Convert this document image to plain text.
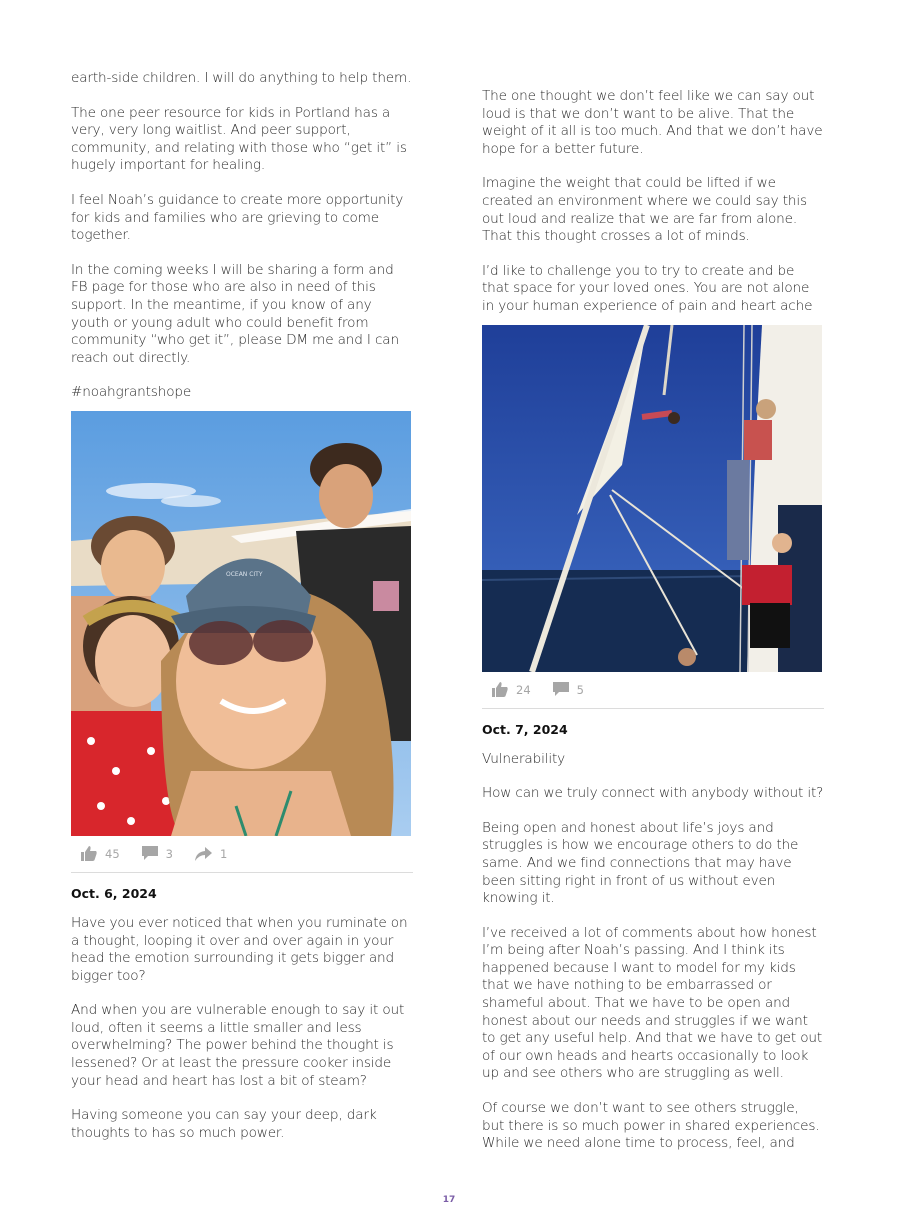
earth-side children. I will do anything to help them.

The one peer resource for kids in Portland has a very, very long waitlist. And peer support, community, and relating with those who “get it” is hugely important for healing.

I feel Noah’s guidance to create more opportunity for kids and families who are grieving to come together.

In the coming weeks I will be sharing a form and FB page for those who are also in need of this support. In the meantime, if you know of any youth or young adult who could benefit from community “who get it”, please DM me and I can reach out directly.

#noahgrantshope

OCEAN CITY
45	3	1
Oct. 6, 2024

Have you ever noticed that when you ruminate on a thought, looping it over and over again in your head the emotion surrounding it gets bigger and bigger too?

And when you are vulnerable enough to say it out loud, often it seems a little smaller and less overwhelming? The power behind the thought is lessened? Or at least the pressure cooker inside your head and heart has lost a bit of steam?

Having someone you can say your deep, dark thoughts to has so much power.

The one thought we don’t feel like we can say out loud is that we don’t want to be alive. That the weight of it all is too much. And that we don’t have hope for a better future.

Imagine the weight that could be lifted if we created an environment where we could say this out loud and realize that we are far from alone. That this thought crosses a lot of minds.

I’d like to challenge you to try to create and be that space for your loved ones. You are not alone in your human experience of pain and heart ache

24	5
Oct. 7, 2024

Vulnerability

How can we truly connect with anybody without it?

Being open and honest about life’s joys and struggles is how we encourage others to do the same. And we find connections that may have been sitting right in front of us without even knowing it.

I’ve received a lot of comments about how honest I’m being after Noah’s passing. And I think its happened because I want to model for my kids that we have nothing to be embarrassed or shameful about. That we have to be open and honest about our needs and struggles if we want to get any useful help. And that we have to get out of our own heads and hearts occasionally to look up and see others who are struggling as well.

Of course we don’t want to see others struggle, but there is so much power in shared experiences. While we need alone time to process, feel, and

17
